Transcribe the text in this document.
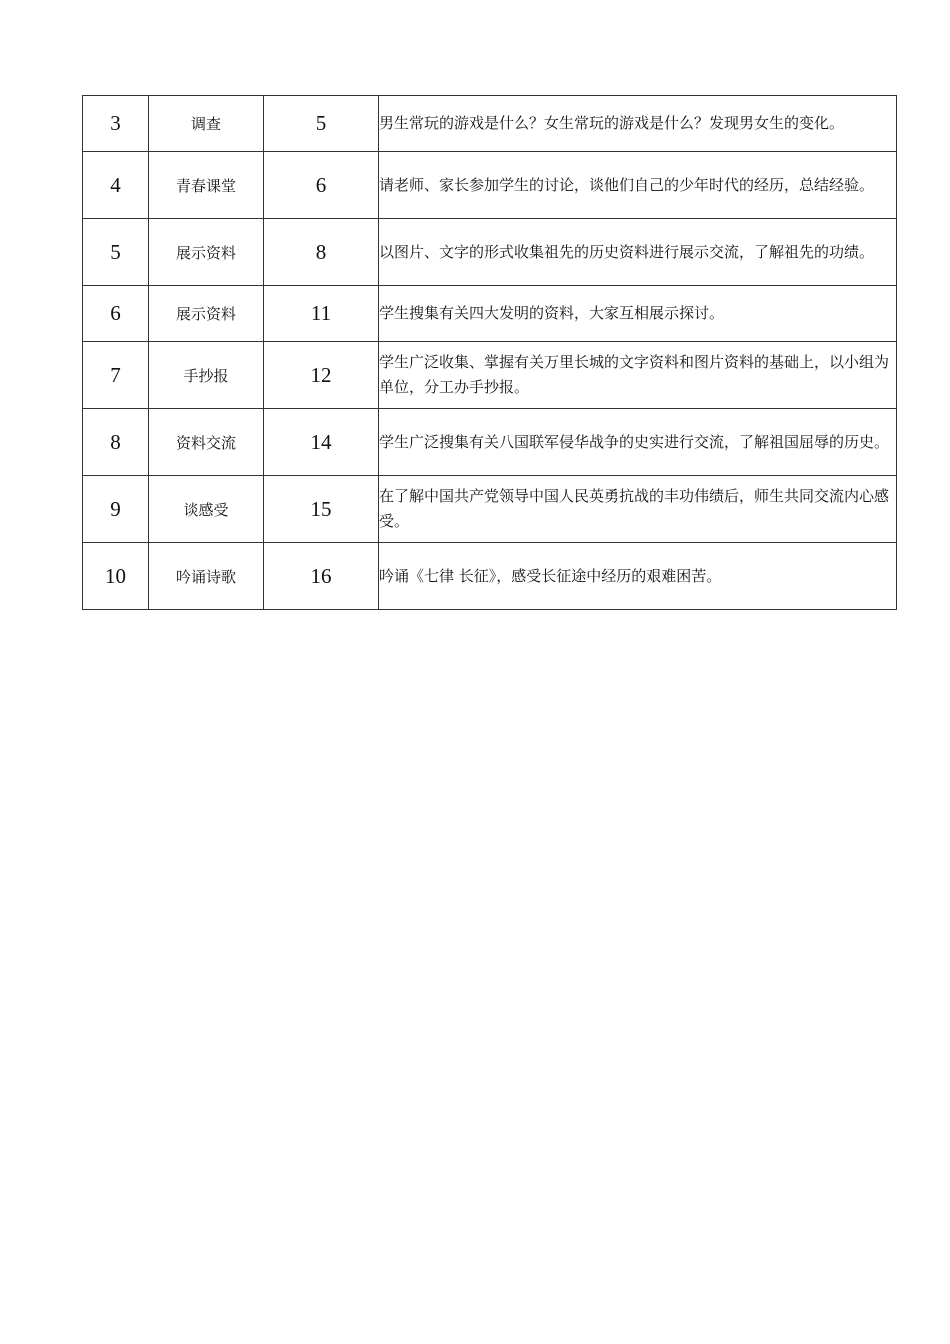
3	调查	5	男生常玩的游戏是什么？女生常玩的游戏是什么？发现男女生的变化。
4	青春课堂	6	请老师、家长参加学生的讨论，谈他们自己的少年时代的经历，总结经验。
5	展示资料	8	以图片、文字的形式收集祖先的历史资料进行展示交流，了解祖先的功绩。
6	展示资料	11	学生搜集有关四大发明的资料，大家互相展示探讨。
7	手抄报	12	学生广泛收集、掌握有关万里长城的文字资料和图片资料的基础上，以小组为单位，分工办手抄报。
8	资料交流	14	学生广泛搜集有关八国联军侵华战争的史实进行交流，了解祖国屈辱的历史。
9	谈感受	15	在了解中国共产党领导中国人民英勇抗战的丰功伟绩后，师生共同交流内心感受。
10	吟诵诗歌	16	吟诵《七律 长征》，感受长征途中经历的艰难困苦。
